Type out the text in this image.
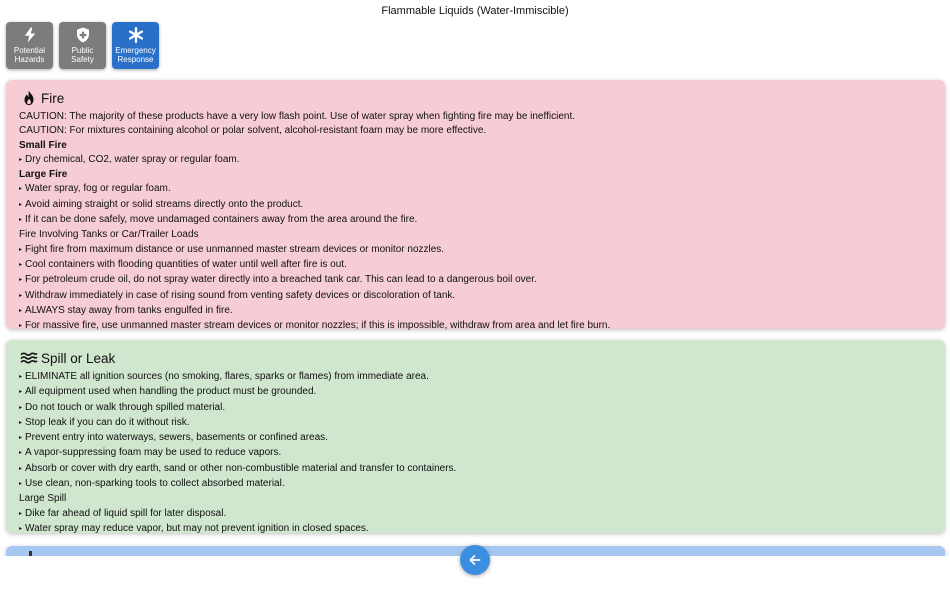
Flammable Liquids (Water-Immiscible)
Potential
Hazards
Public
Safety
Emergency
Response
Fire
CAUTION: The majority of these products have a very low flash point. Use of water spray when fighting fire may be inefficient.
CAUTION: For mixtures containing alcohol or polar solvent, alcohol-resistant foam may be more effective.
Small Fire
▸ Dry chemical, CO2, water spray or regular foam.
Large Fire
▸ Water spray, fog or regular foam.
▸ Avoid aiming straight or solid streams directly onto the product.
▸ If it can be done safely, move undamaged containers away from the area around the fire.
Fire Involving Tanks or Car/Trailer Loads
▸ Fight fire from maximum distance or use unmanned master stream devices or monitor nozzles.
▸ Cool containers with flooding quantities of water until well after fire is out.
▸ For petroleum crude oil, do not spray water directly into a breached tank car. This can lead to a dangerous boil over.
▸ Withdraw immediately in case of rising sound from venting safety devices or discoloration of tank.
▸ ALWAYS stay away from tanks engulfed in fire.
▸ For massive fire, use unmanned master stream devices or monitor nozzles; if this is impossible, withdraw from area and let fire burn.
Spill or Leak
▸ ELIMINATE all ignition sources (no smoking, flares, sparks or flames) from immediate area.
▸ All equipment used when handling the product must be grounded.
▸ Do not touch or walk through spilled material.
▸ Stop leak if you can do it without risk.
▸ Prevent entry into waterways, sewers, basements or confined areas.
▸ A vapor-suppressing foam may be used to reduce vapors.
▸ Absorb or cover with dry earth, sand or other non-combustible material and transfer to containers.
▸ Use clean, non-sparking tools to collect absorbed material.
Large Spill
▸ Dike far ahead of liquid spill for later disposal.
▸ Water spray may reduce vapor, but may not prevent ignition in closed spaces.
